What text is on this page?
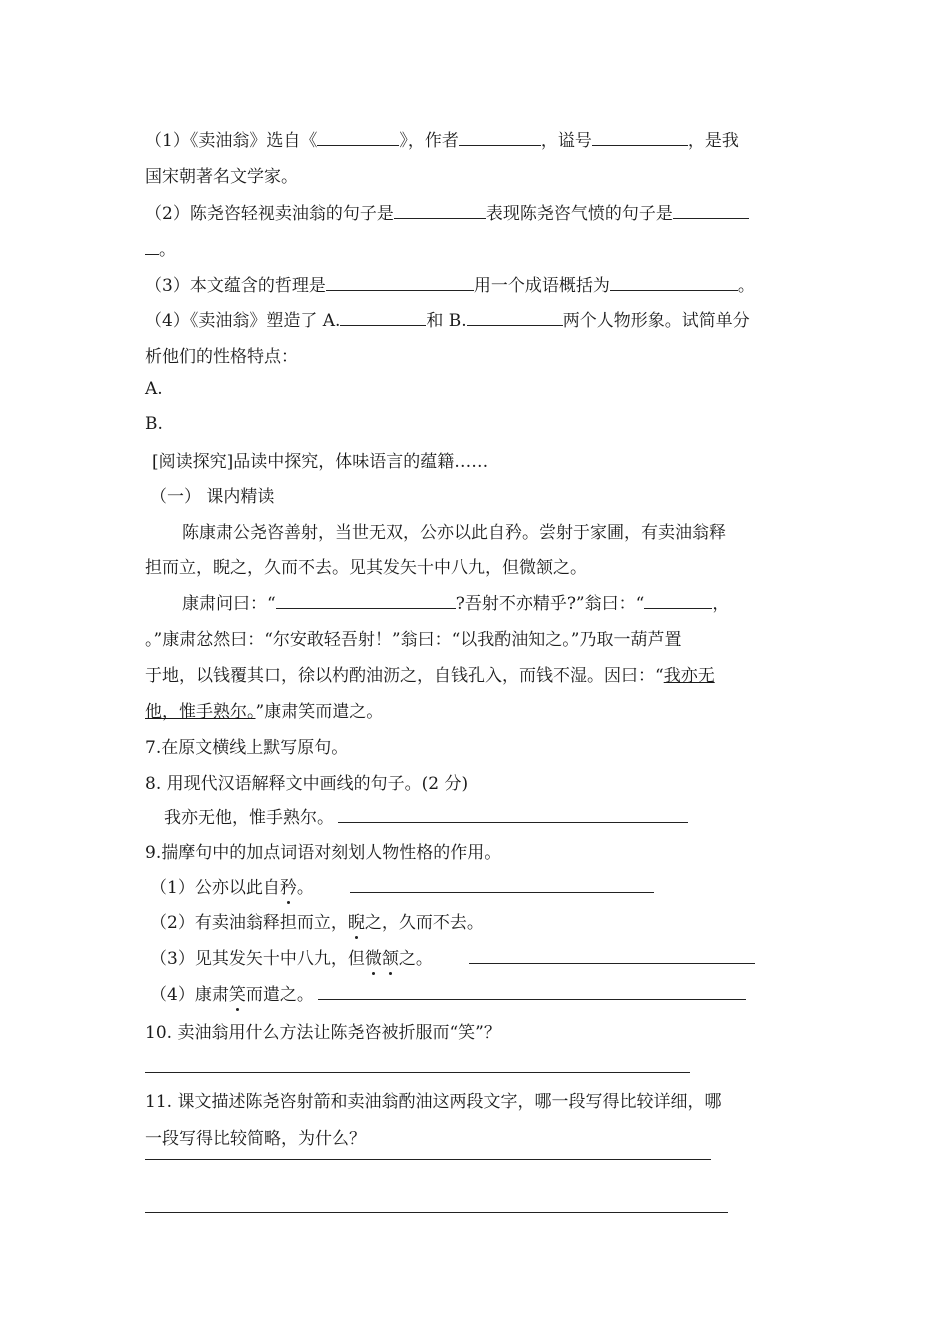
（1）《卖油翁》选自《	》，作者	，谥号	，是我
国宋朝著名文学家。
（2）陈尧咨轻视卖油翁的句子是	表现陈尧咨气愤的句子是
。
（3）本文蕴含的哲理是	用一个成语概括为	。
（4）《卖油翁》塑造了 A.	和 B.	两个人物形象。试简单分
析他们的性格特点：
A.
B.
[阅读探究]品读中探究，体味语言的蕴籍……
（一） 课内精读
陈康肃公尧咨善射，当世无双，公亦以此自矜。尝射于家圃，有卖油翁释
担而立，睨之，久而不去。见其发矢十中八九，但微颔之。
康肃问曰：“	?吾射不亦精乎?”翁曰：“	，
。”康肃忿然曰：“尔安敢轻吾射！”翁曰：“以我酌油知之。”乃取一葫芦置
于地，以钱覆其口，徐以杓酌油沥之，自钱孔入，而钱不湿。因曰：“我亦无
他，惟手熟尔。”康肃笑而遣之。
7.在原文横线上默写原句。
8. 用现代汉语解释文中画线的句子。(2 分)
我亦无他，惟手熟尔。
9.揣摩句中的加点词语对刻划人物性格的作用。
（1）公亦以此自矜。
（2）有卖油翁释担而立，睨之，久而不去。
（3）见其发矢十中八九，但微颔之。
（4）康肃笑而遣之。
10. 卖油翁用什么方法让陈尧咨被折服而“笑”？
11. 课文描述陈尧咨射箭和卖油翁酌油这两段文字，哪一段写得比较详细，哪
一段写得比较简略，为什么？
